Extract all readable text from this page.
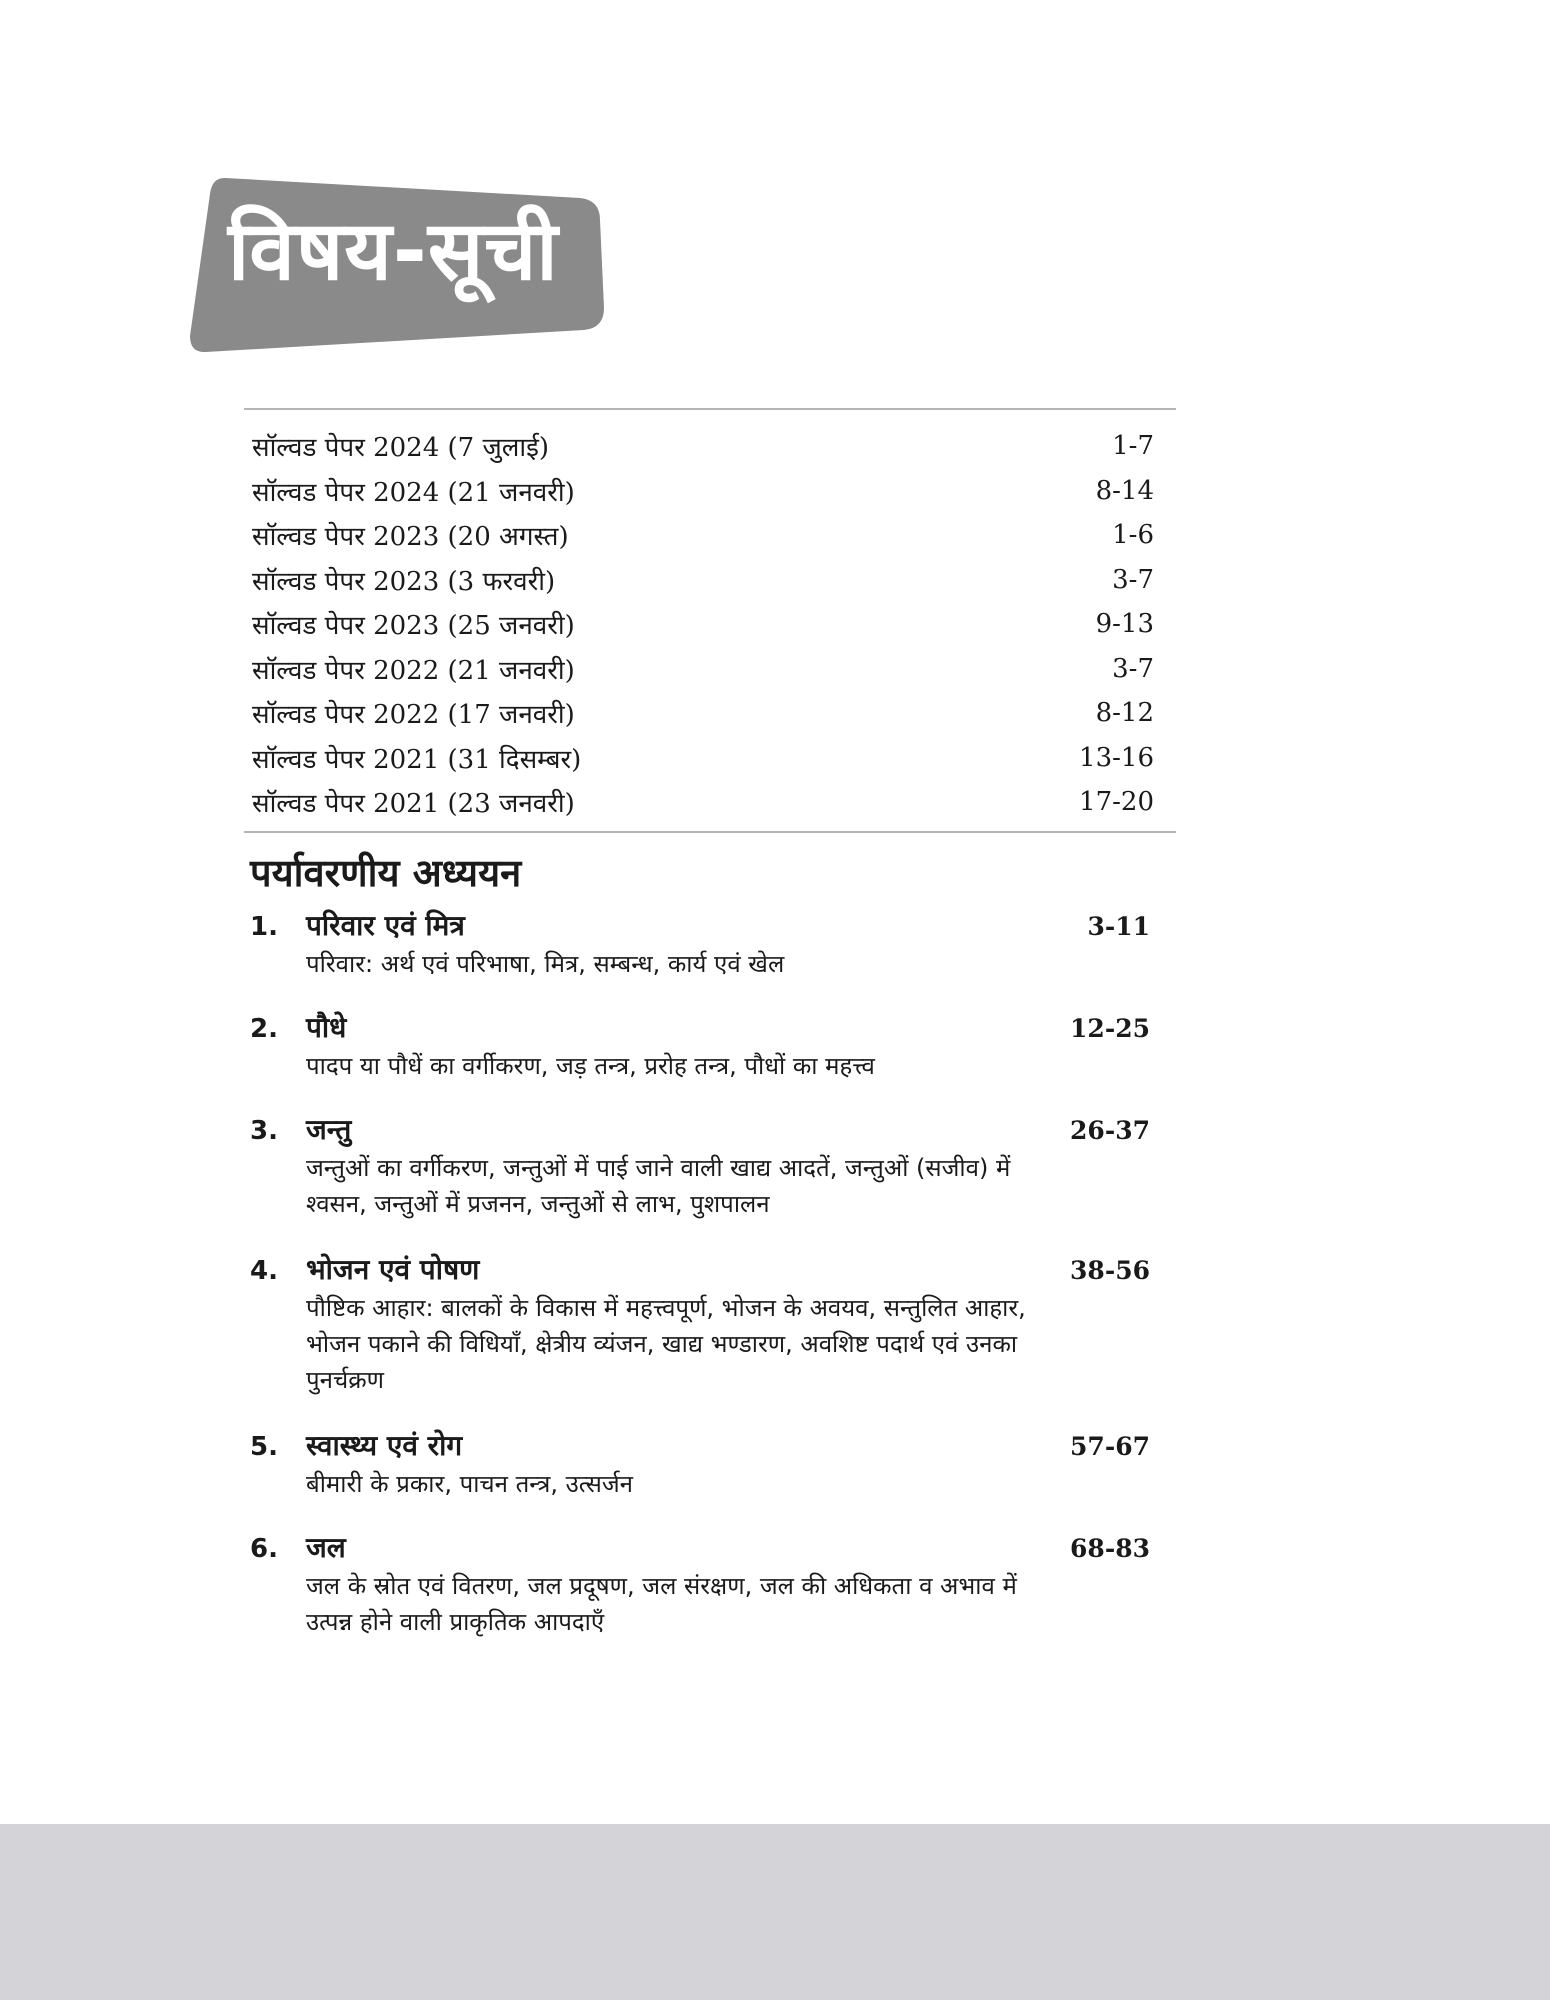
विषय-सूची
सॉल्वड पेपर 2024 (7 जुलाई)	1-7
सॉल्वड पेपर 2024 (21 जनवरी)	8-14
सॉल्वड पेपर 2023 (20 अगस्त)	1-6
सॉल्वड पेपर 2023 (3 फरवरी)	3-7
सॉल्वड पेपर 2023 (25 जनवरी)	9-13
सॉल्वड पेपर 2022 (21 जनवरी)	3-7
सॉल्वड पेपर 2022 (17 जनवरी)	8-12
सॉल्वड पेपर 2021 (31 दिसम्बर)	13-16
सॉल्वड पेपर 2021 (23 जनवरी)	17-20
पर्यावरणीय अध्ययन
1.	परिवार एवं मित्र	3-11
परिवार: अर्थ एवं परिभाषा, मित्र, सम्बन्ध, कार्य एवं खेल
2.	पौधे	12-25
पादप या पौधें का वर्गीकरण, जड़ तन्त्र, प्ररोह तन्त्र, पौधों का महत्त्व
3.	जन्तु	26-37
जन्तुओं का वर्गीकरण, जन्तुओं में पाई जाने वाली खाद्य आदतें, जन्तुओं (सजीव) में श्वसन, जन्तुओं में प्रजनन, जन्तुओं से लाभ, पुशपालन
4.	भोजन एवं पोषण	38-56
पौष्टिक आहार: बालकों के विकास में महत्त्वपूर्ण, भोजन के अवयव, सन्तुलित आहार, भोजन पकाने की विधियाँ, क्षेत्रीय व्यंजन, खाद्य भण्डारण, अवशिष्ट पदार्थ एवं उनका पुनर्चक्रण
5.	स्वास्थ्य एवं रोग	57-67
बीमारी के प्रकार, पाचन तन्त्र, उत्सर्जन
6.	जल	68-83
जल के स्रोत एवं वितरण, जल प्रदूषण, जल संरक्षण, जल की अधिकता व अभाव में उत्पन्न होने वाली प्राकृतिक आपदाएँ
